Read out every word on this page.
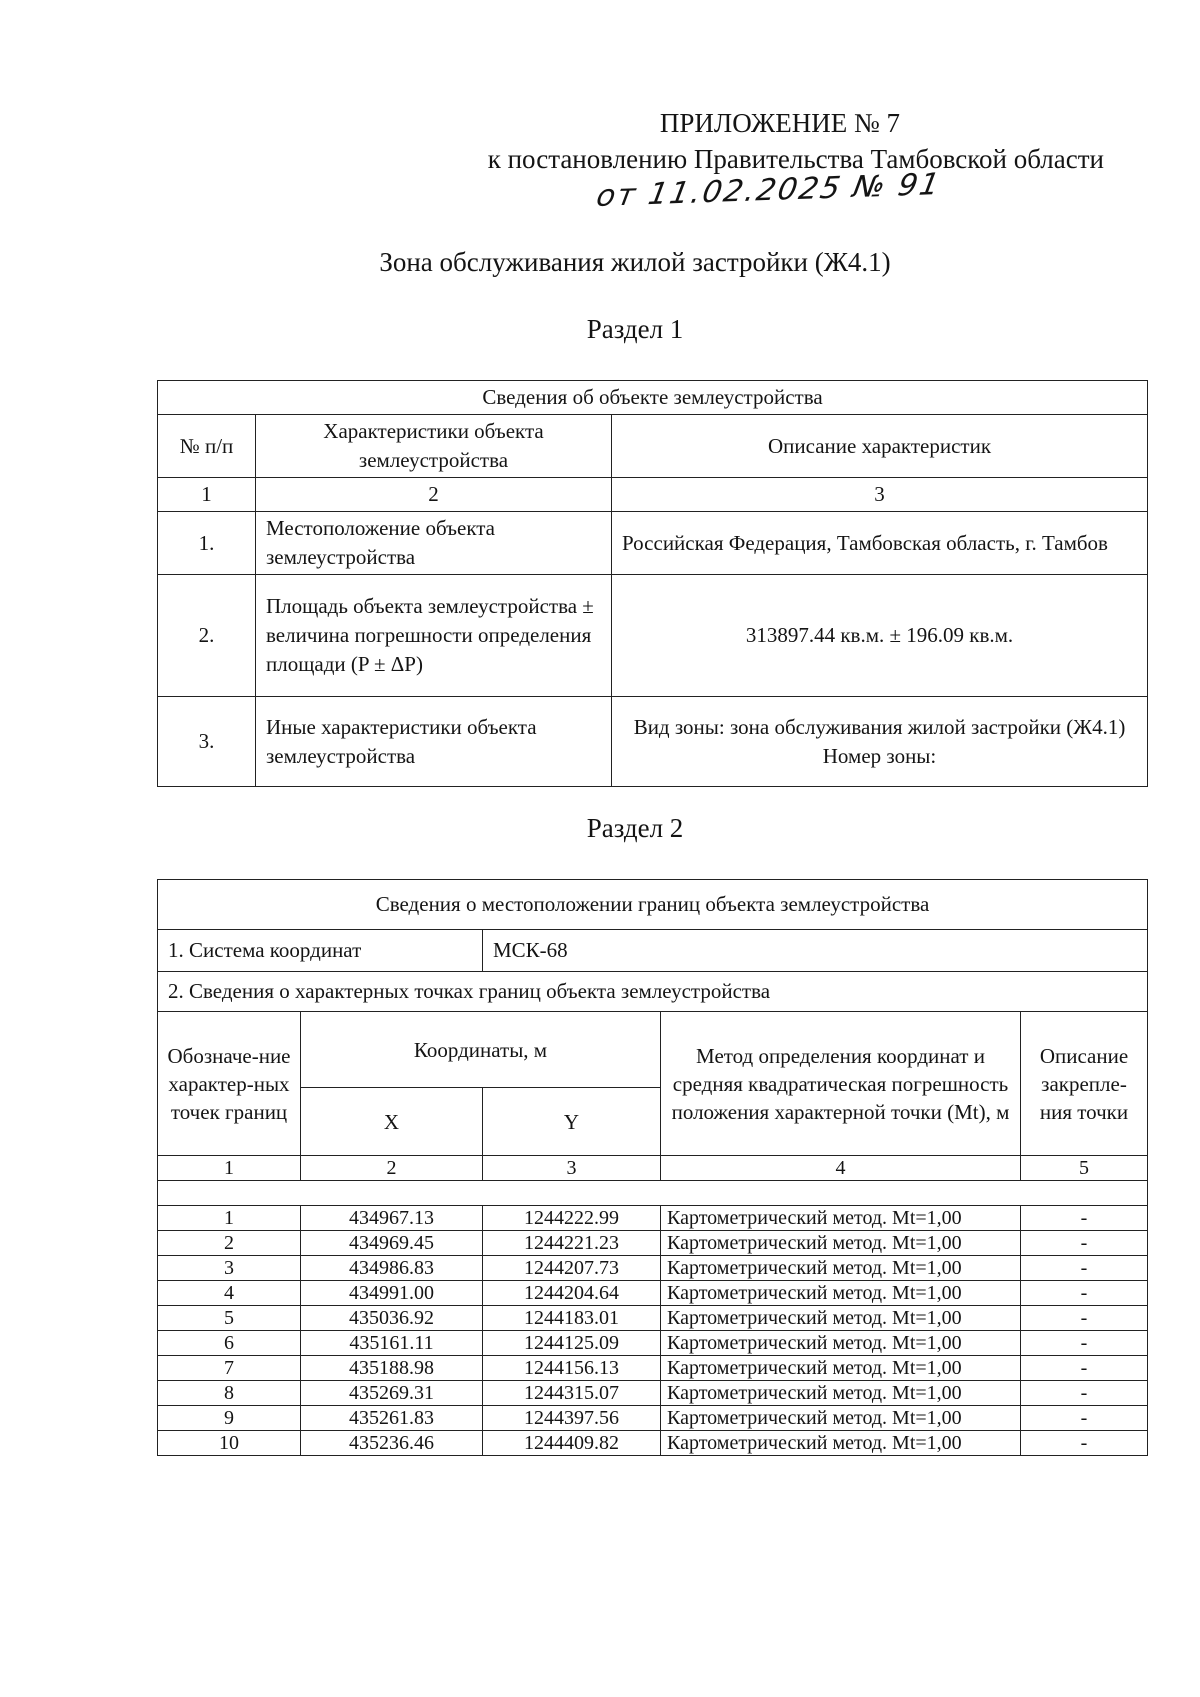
ПРИЛОЖЕНИЕ № 7
к постановлению Правительства Тамбовской области
от 11.02.2025 № 91
Зона обслуживания жилой застройки (Ж4.1)
Раздел 1
Сведения об объекте землеустройства		
№ п/п	Характеристики объекта землеустройства	Описание характеристик
1	2	3
1.	Местоположение объекта землеустройства	Российская Федерация, Тамбовская область, г. Тамбов
2.	Площадь объекта землеустройства ± величина погрешности определения площади (P ± ΔP)	313897.44 кв.м. ± 196.09 кв.м.
3.	Иные характеристики объекта землеустройства	Вид зоны: зона обслуживания жилой застройки (Ж4.1)
Номер зоны:
Раздел 2
Сведения о местоположении границ объекта землеустройства				
1. Система координат		МСК-68		
2. Сведения о характерных точках границ объекта землеустройства				
Обозначе-ние характер-ных точек границ	Координаты, м		Метод определения координат и средняя квадратическая погрешность положения характерной точки (Mt), м	Описание закрепле-ния точки
	X	Y		
1	2	3	4	5

1	434967.13	1244222.99	Картометрический метод. Mt=1,00	-
2	434969.45	1244221.23	Картометрический метод. Mt=1,00	-
3	434986.83	1244207.73	Картометрический метод. Mt=1,00	-
4	434991.00	1244204.64	Картометрический метод. Mt=1,00	-
5	435036.92	1244183.01	Картометрический метод. Mt=1,00	-
6	435161.11	1244125.09	Картометрический метод. Mt=1,00	-
7	435188.98	1244156.13	Картометрический метод. Mt=1,00	-
8	435269.31	1244315.07	Картометрический метод. Mt=1,00	-
9	435261.83	1244397.56	Картометрический метод. Mt=1,00	-
10	435236.46	1244409.82	Картометрический метод. Mt=1,00	-
